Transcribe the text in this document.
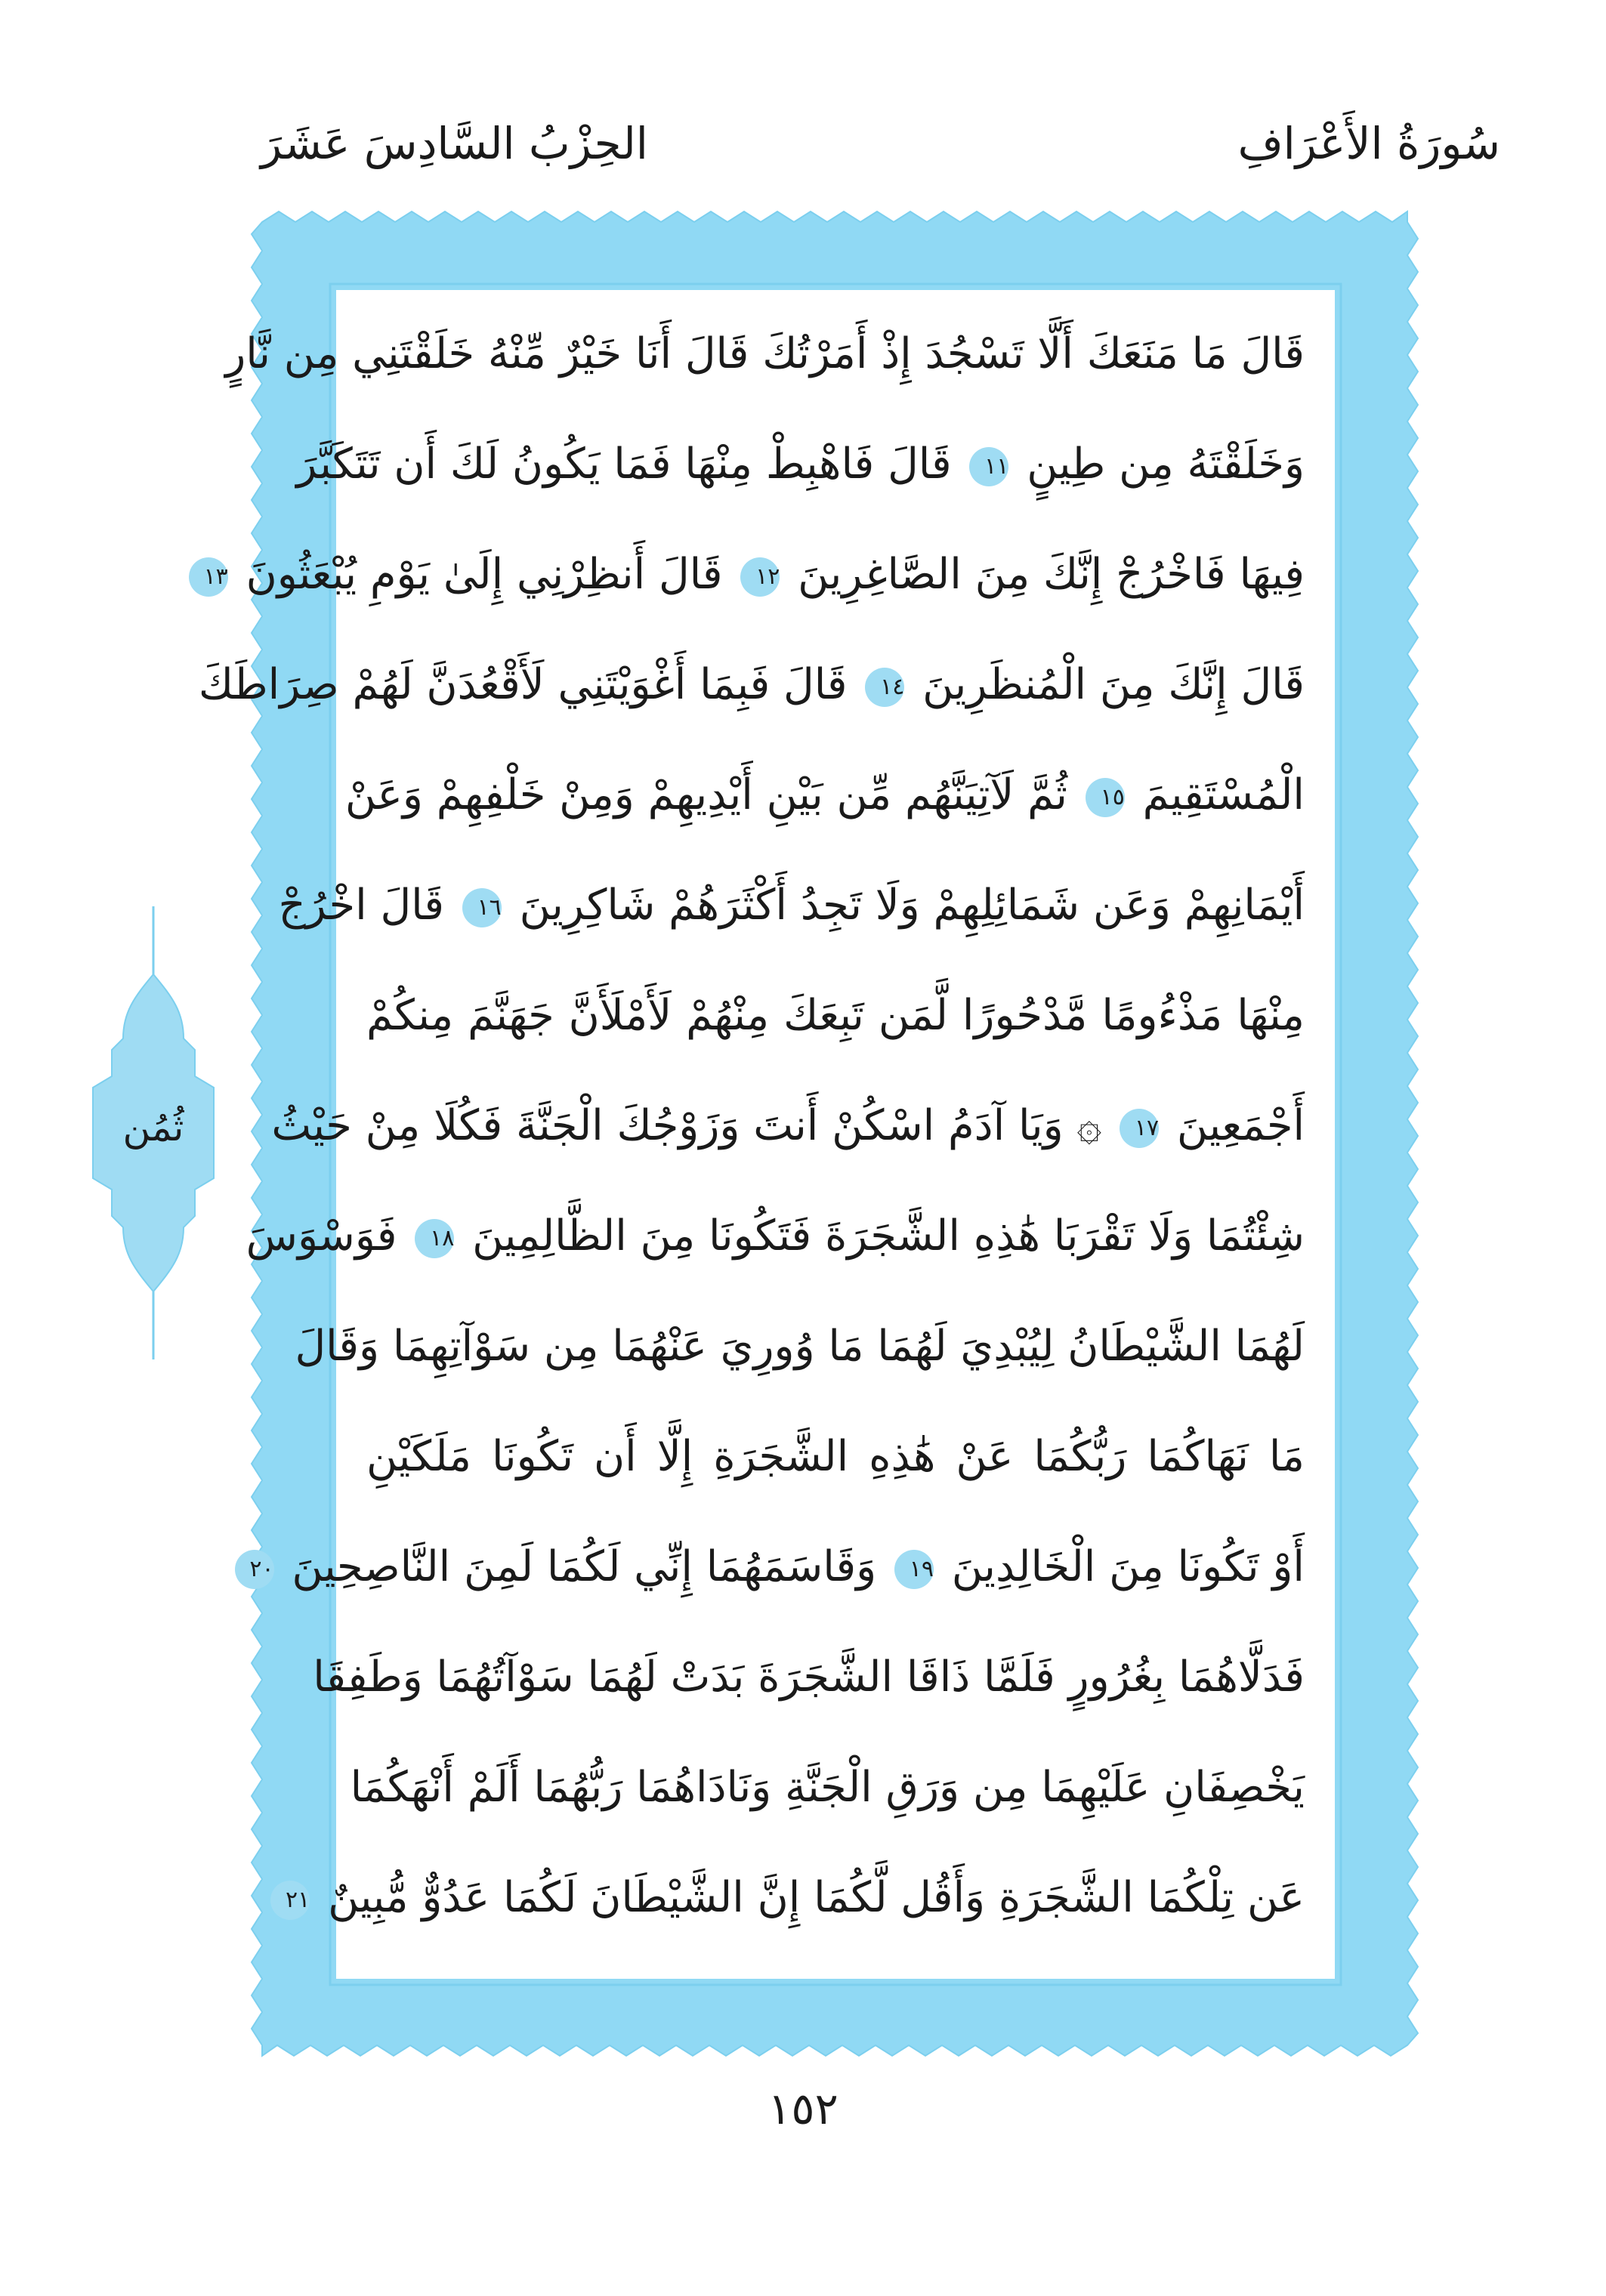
سُورَةُ الأَعْرَافِ
الحِزْبُ السَّادِسَ عَشَرَ
قَالَ مَا مَنَعَكَ أَلَّا تَسْجُدَ إِذْ أَمَرْتُكَ قَالَ أَنَا خَيْرٌ مِّنْهُ خَلَقْتَنِي مِن نَّارٍ
وَخَلَقْتَهُ مِن طِينٍ ١١ قَالَ فَاهْبِطْ مِنْهَا فَمَا يَكُونُ لَكَ أَن تَتَكَبَّرَ
فِيهَا فَاخْرُجْ إِنَّكَ مِنَ الصَّاغِرِينَ ١٢ قَالَ أَنظِرْنِي إِلَىٰ يَوْمِ يُبْعَثُونَ ١٣
قَالَ إِنَّكَ مِنَ الْمُنظَرِينَ ١٤ قَالَ فَبِمَا أَغْوَيْتَنِي لَأَقْعُدَنَّ لَهُمْ صِرَاطَكَ
الْمُسْتَقِيمَ ١٥ ثُمَّ لَآتِيَنَّهُم مِّن بَيْنِ أَيْدِيهِمْ وَمِنْ خَلْفِهِمْ وَعَنْ
أَيْمَانِهِمْ وَعَن شَمَائِلِهِمْ وَلَا تَجِدُ أَكْثَرَهُمْ شَاكِرِينَ ١٦ قَالَ اخْرُجْ
مِنْهَا مَذْءُومًا مَّدْحُورًا لَّمَن تَبِعَكَ مِنْهُمْ لَأَمْلَأَنَّ جَهَنَّمَ مِنكُمْ
أَجْمَعِينَ ١٧ ۞ وَيَا آدَمُ اسْكُنْ أَنتَ وَزَوْجُكَ الْجَنَّةَ فَكُلَا مِنْ حَيْثُ
شِئْتُمَا وَلَا تَقْرَبَا هَٰذِهِ الشَّجَرَةَ فَتَكُونَا مِنَ الظَّالِمِينَ ١٨ فَوَسْوَسَ
لَهُمَا الشَّيْطَانُ لِيُبْدِيَ لَهُمَا مَا وُورِيَ عَنْهُمَا مِن سَوْآتِهِمَا وَقَالَ
مَا نَهَاكُمَا رَبُّكُمَا عَنْ هَٰذِهِ الشَّجَرَةِ إِلَّا أَن تَكُونَا مَلَكَيْنِ
أَوْ تَكُونَا مِنَ الْخَالِدِينَ ١٩ وَقَاسَمَهُمَا إِنِّي لَكُمَا لَمِنَ النَّاصِحِينَ ٢٠
فَدَلَّاهُمَا بِغُرُورٍ فَلَمَّا ذَاقَا الشَّجَرَةَ بَدَتْ لَهُمَا سَوْآتُهُمَا وَطَفِقَا
يَخْصِفَانِ عَلَيْهِمَا مِن وَرَقِ الْجَنَّةِ وَنَادَاهُمَا رَبُّهُمَا أَلَمْ أَنْهَكُمَا
عَن تِلْكُمَا الشَّجَرَةِ وَأَقُل لَّكُمَا إِنَّ الشَّيْطَانَ لَكُمَا عَدُوٌّ مُّبِينٌ ٢١
ثُمُن
١٥٢
